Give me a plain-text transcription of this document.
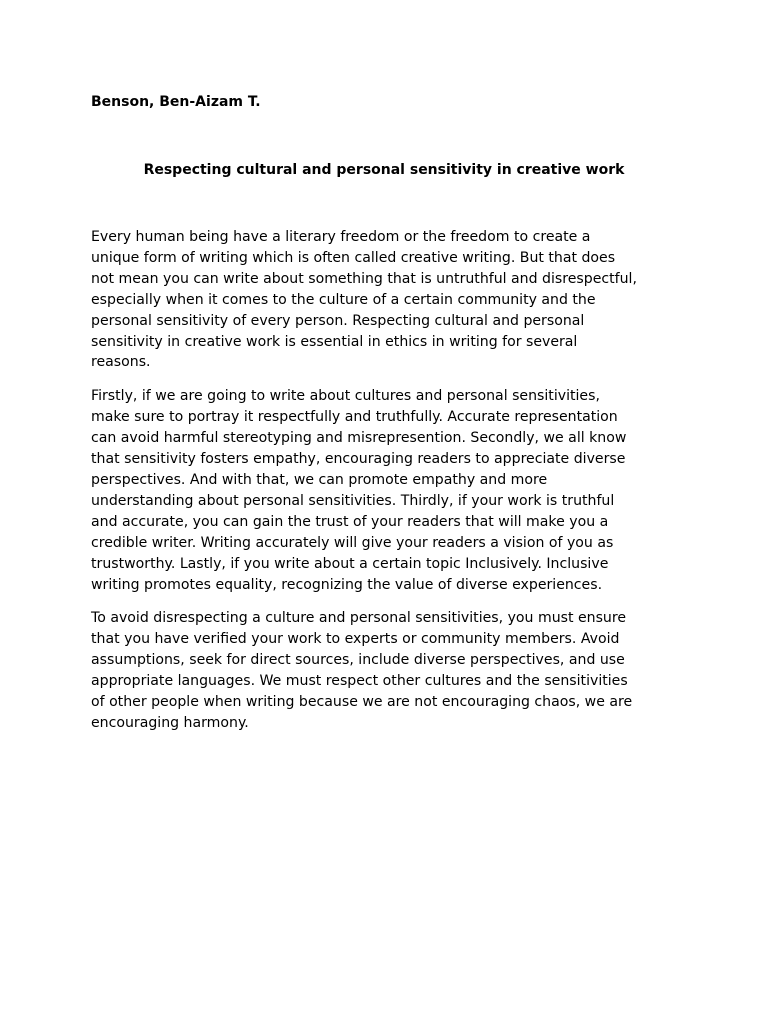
Benson, Ben-Aizam T.
Respecting cultural and personal sensitivity in creative work

Every human being have a literary freedom or the freedom to create a
unique form of writing which is often called creative writing. But that does
not mean you can write about something that is untruthful and disrespectful,
especially when it comes to the culture of a certain community and the
personal sensitivity of every person. Respecting cultural and personal
sensitivity in creative work is essential in ethics in writing for several
reasons.

Firstly, if we are going to write about cultures and personal sensitivities,
make sure to portray it respectfully and truthfully. Accurate representation
can avoid harmful stereotyping and misrepresention. Secondly, we all know
that sensitivity fosters empathy, encouraging readers to appreciate diverse
perspectives. And with that, we can promote empathy and more
understanding about personal sensitivities. Thirdly, if your work is truthful
and accurate, you can gain the trust of your readers that will make you a
credible writer. Writing accurately will give your readers a vision of you as
trustworthy. Lastly, if you write about a certain topic Inclusively. Inclusive
writing promotes equality, recognizing the value of diverse experiences.

To avoid disrespecting a culture and personal sensitivities, you must ensure
that you have verified your work to experts or community members. Avoid
assumptions, seek for direct sources, include diverse perspectives, and use
appropriate languages. We must respect other cultures and the sensitivities
of other people when writing because we are not encouraging chaos, we are
encouraging harmony.
